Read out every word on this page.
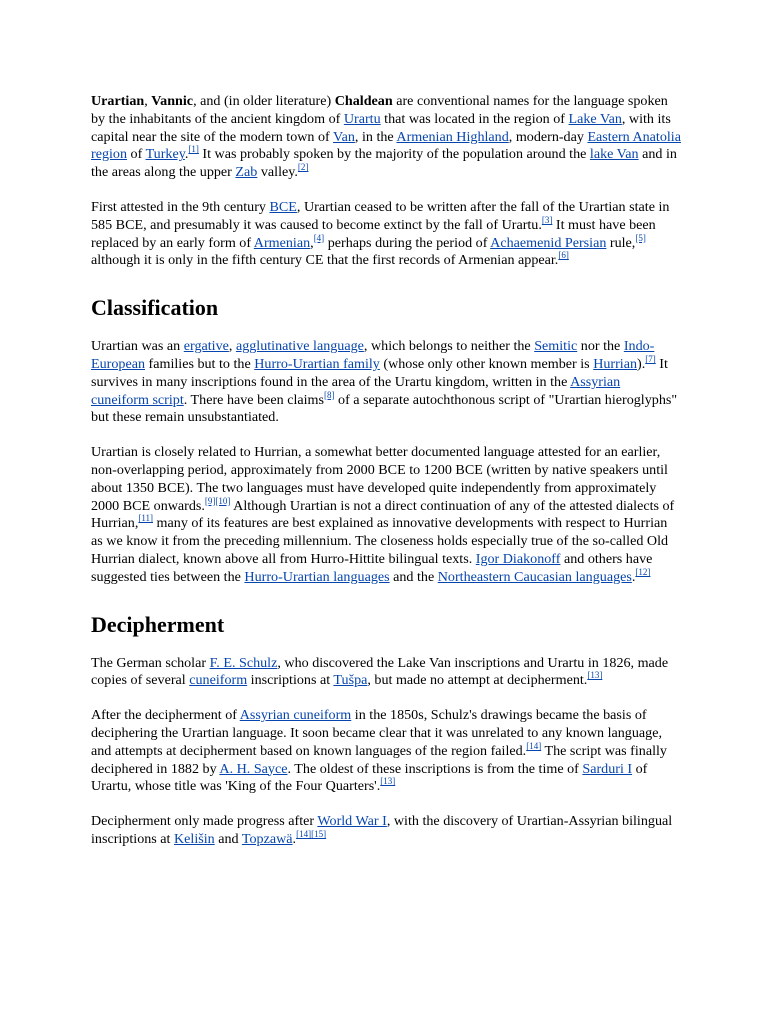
Urartian, Vannic, and (in older literature) Chaldean are conventional names for the language spoken by the inhabitants of the ancient kingdom of Urartu that was located in the region of Lake Van, with its capital near the site of the modern town of Van, in the Armenian Highland, modern-day Eastern Anatolia region of Turkey.[1] It was probably spoken by the majority of the population around the lake Van and in the areas along the upper Zab valley.[2]

First attested in the 9th century BCE, Urartian ceased to be written after the fall of the Urartian state in 585 BCE, and presumably it was caused to become extinct by the fall of Urartu.[3] It must have been replaced by an early form of Armenian,[4] perhaps during the period of Achaemenid Persian rule,[5] although it is only in the fifth century CE that the first records of Armenian appear.[6]

Classification

Urartian was an ergative, agglutinative language, which belongs to neither the Semitic nor the Indo-European families but to the Hurro-Urartian family (whose only other known member is Hurrian).[7] It survives in many inscriptions found in the area of the Urartu kingdom, written in the Assyrian cuneiform script. There have been claims[8] of a separate autochthonous script of "Urartian hieroglyphs" but these remain unsubstantiated.

Urartian is closely related to Hurrian, a somewhat better documented language attested for an earlier, non-overlapping period, approximately from 2000 BCE to 1200 BCE (written by native speakers until about 1350 BCE). The two languages must have developed quite independently from approximately 2000 BCE onwards.[9][10] Although Urartian is not a direct continuation of any of the attested dialects of Hurrian,[11] many of its features are best explained as innovative developments with respect to Hurrian as we know it from the preceding millennium. The closeness holds especially true of the so-called Old Hurrian dialect, known above all from Hurro-Hittite bilingual texts. Igor Diakonoff and others have suggested ties between the Hurro-Urartian languages and the Northeastern Caucasian languages.[12]

Decipherment

The German scholar F. E. Schulz, who discovered the Lake Van inscriptions and Urartu in 1826, made copies of several cuneiform inscriptions at Tušpa, but made no attempt at decipherment.[13]

After the decipherment of Assyrian cuneiform in the 1850s, Schulz's drawings became the basis of deciphering the Urartian language. It soon became clear that it was unrelated to any known language, and attempts at decipherment based on known languages of the region failed.[14] The script was finally deciphered in 1882 by A. H. Sayce. The oldest of these inscriptions is from the time of Sarduri I of Urartu, whose title was 'King of the Four Quarters'.[13]

Decipherment only made progress after World War I, with the discovery of Urartian-Assyrian bilingual inscriptions at Kelišin and Topzawä.[14][15]
